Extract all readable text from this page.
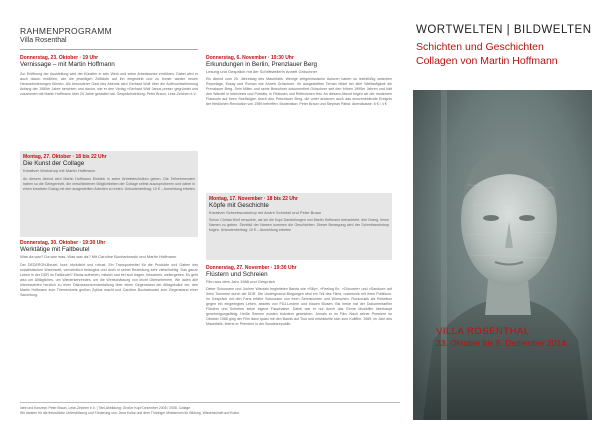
RAHMENPROGRAMM
Villa Rosenthal
Donnerstag, 23. Oktober · 19 Uhr
Vernissage – mit Martin Hoffmann
Zur Eröffnung der Ausstellung wird der Künstler in sein Werk und seine Arbeitsweise einführen. Dabei wird er auch davon erzählen, wie die jeweiligen Zeitläufe auf ihn eingewirkt und zu immer wieder neuen Herausforderungen führten. Als besonderer Gast des Abends wird Gerhard Wolf über die Aufbruchsstimmung Anfang der 1980er Jahre berichten und davon, wie er den Verlag »Gerhard Wolf Janus press« gegründet und zusammen mit Martin Hoffmann über 20 Jahre gestaltet hat. Gesprächsleitung: Peter Braun, Lese-Zeichen e.V.
Montag, 27. Oktober · 18 bis 22 Uhr
Die Kunst der Collage
Kreativer Workshop mit Martin Hoffmann
An diesem Abend wird Martin Hoffmann Einblick in seine Arbeitstechniken geben. Die Teilnehmenden haben so die Gelegenheit, die verschiedenen Möglichkeiten der Collage selbst auszuprobieren und dabei in einen kreativen Dialog mit den ausgestellten Arbeiten zu treten. Unkostenbeitrag: 10 € – Anmeldung erbeten
Donnerstag, 30. Oktober · 19:30 Uhr
Werktätige mit Faltbeutel
Was da war? Da war was. Was war da? Mit Caroline Buchartowski und Martin Hoffmann
Der DEDERON-Beutel, bunt, blickdicht und robust. Ein Transportmittel für die Produkte und Gaben des sozialistischen Warenwelt, vermeintlich belanglos und doch in seiner Bedeutung sehr vielschichtig. Das ganze Leben in der DDR im Faltbeutel? Etwas aufheben, mitsich und bei sich tragen, bewahren, weitergeben. Es geht also um Alltägliches, um Wiederkehrendes, um die Wertschätzung von leicht Übersehenem. Wir laden alle Interessierten herzlich zu einer Diskussionsveranstaltung über einen Gegenstand der Alltagskultur ein, den Martin Hoffmann zum Themenkreis großen Zyklus macht und Caroline Buchartowski zum Gegenstand einer Sammlung.
Donnerstag, 6. November · 19:30 Uhr
Erkundungen in Berlin, Prenzlauer Berg
Lesung und Gespräch mit der Schriftstellerin Annett Gröschner
Ein Abend zum 25. Jahrestag des Mauerfalls. Wenige zeitgenössische Autoren haben so leichtfüßig zwischen Reportage, Essay und Roman wie Annett Gröschner. Ihr ausgestelltes Terrain bildet bei aller Weltläufigkeit die Prenzlauer Berg. Sein Milieu und seine Bewohner dokumentiert Gröschner seit den frühen 1990er Jahren und hält den Wandel in Interviews und Porträts, in Fiktionen und Reflexionen fest. An diesem Abend folgen wir der modernen Flaneurin auf ihren Streifzügen durch den Prenzlauer Berg, die unter anderem auch das einschneidende Ereignis der friedlichen Revolution von 1989 betreffen. Moderation: Peter Braun und Stephan Pabst. Abendkasse: 6 € / 4 €
Montag, 17. November · 18 bis 22 Uhr
Köpfe mit Geschichte
Kreativer Schreibworkshop mit André Schinkel und Peter Braun
Schon Christa Wolf verspürte, als sie die Kopf-Darstellungen von Martin Hoffmann betrachtete, den Drang, ihnen Namen zu geben. Sinnbild der Namen kommen die Geschichten. Dieser Bewegung wird der Schreibworkshop folgen. Unkostenbeitrag: 10 € – Anmeldung erbeten
Donnerstag, 27. November · 19:30 Uhr
Flüstern und Schreien
Film aus dem Jahr 1988 und Gespräch
Dieter Schumann und Jochen Wisotzki begleiteten Bands wie »Silly«, »Feeling B«, »Chicorée« und »Sandow« auf ihren Tourneen durch die DDR. Die Underground-Bingungen sind ein Teil des Films, rockmusik mit ihren Publikum. Im Gespräch mit den Fans erfährt Schumann von ihren Sehnsüchten und Wünschen. Rockmusik als Rebellion gegen ein eingeengtes Leben, abseits von FDJ-Liedern und blauen Blusen. Bis heute hat der Dokumentarfilm Flüstern und Schreien seine eigene Faszination. Dabei war er nur durch das Genre Musikfilm überhaupt genehmigungsfähig. Heiße Szenen wurden trotzdem gestrichen. Jemals er im Film. Nach seiner Premiere im Oktober 1988 ging der Film dann quasi mit den Bands auf Tour und entwickelte sich zum Kultfilm. 1989, im Jahr des Mauerfalls, feierte er Premiere in der Bundesrepublik.
Idee und Konzept: Peter Braun, Lese-Zeichen e.V. | Titel-Abbildung: Großer Kopf Dezember 2008 / 2008, Collage
Wir danken für die freundliche Unterstützung und Förderung von: Jena Kultur und dem Thüringer Ministerium für Bildung, Wissenschaft und Kultur.
WORTWELTEN | BILDWELTEN
Schichten und Geschichten
Collagen von Martin Hoffmann
VILLA ROSENTHAL
23. Oktober bis 5. Dezember 2014
